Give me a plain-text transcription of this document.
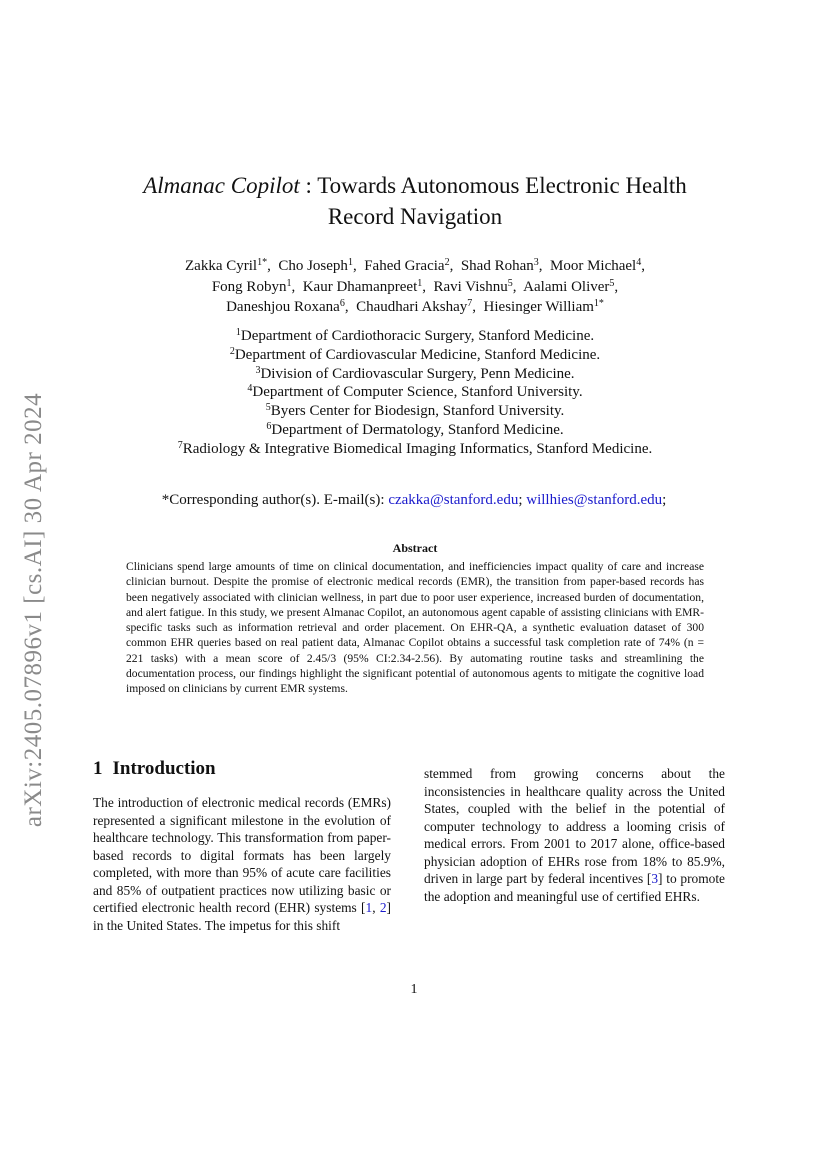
arXiv:2405.07896v1 [cs.AI] 30 Apr 2024
Almanac Copilot : Towards Autonomous Electronic Health Record Navigation
Zakka Cyril$^{1*}$, Cho Joseph$^1$, Fahed Gracia$^2$, Shad Rohan$^3$, Moor Michael$^4$,
Fong Robyn$^1$, Kaur Dhamanpreet$^1$, Ravi Vishnu$^5$, Aalami Oliver$^5$,
Daneshjou Roxana$^6$, Chaudhari Akshay$^7$, Hiesinger William$^{1*}$
$^1$Department of Cardiothoracic Surgery, Stanford Medicine.
$^2$Department of Cardiovascular Medicine, Stanford Medicine.
$^3$Division of Cardiovascular Surgery, Penn Medicine.
$^4$Department of Computer Science, Stanford University.
$^5$Byers Center for Biodesign, Stanford University.
$^6$Department of Dermatology, Stanford Medicine.
$^7$Radiology & Integrative Biomedical Imaging Informatics, Stanford Medicine.
*Corresponding author(s). E-mail(s): czakka@stanford.edu; willhies@stanford.edu;
Abstract
Clinicians spend large amounts of time on clinical documentation, and inefficiencies impact quality of care and increase clinician burnout. Despite the promise of electronic medical records (EMR), the transition from paper-based records has been negatively associated with clinician wellness, in part due to poor user experience, increased burden of documentation, and alert fatigue. In this study, we present Almanac Copilot, an autonomous agent capable of assisting clinicians with EMR-specific tasks such as information retrieval and order placement. On EHR-QA, a synthetic evaluation dataset of 300 common EHR queries based on real patient data, Almanac Copilot obtains a successful task completion rate of 74% (n = 221 tasks) with a mean score of 2.45/3 (95% CI:2.34-2.56). By automating routine tasks and streamlining the documentation process, our findings highlight the significant potential of autonomous agents to mitigate the cognitive load imposed on clinicians by current EMR systems.
1 Introduction
The introduction of electronic medical records (EMRs) represented a significant milestone in the evolution of healthcare technology. This transformation from paper-based records to digital formats has been largely completed, with more than 95% of acute care facilities and 85% of outpatient practices now utilizing basic or certified electronic health record (EHR) systems [1, 2] in the United States. The impetus for this shift
stemmed from growing concerns about the inconsistencies in healthcare quality across the United States, coupled with the belief in the potential of computer technology to address a looming crisis of medical errors. From 2001 to 2017 alone, office-based physician adoption of EHRs rose from 18% to 85.9%, driven in large part by federal incentives [3] to promote the adoption and meaningful use of certified EHRs.
1
